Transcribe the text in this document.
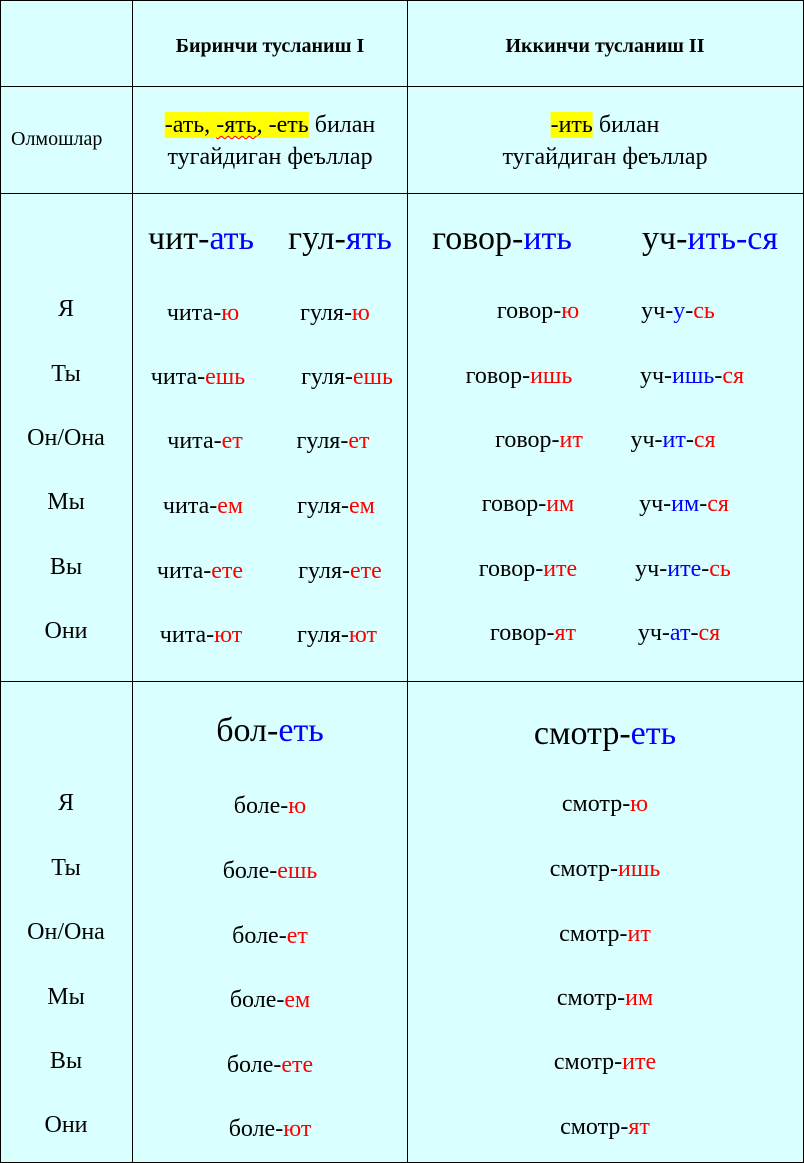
Биринчи тусланиш I	Иккинчи тусланиш II
Олмошлар
-ать, -ять, -еть билан
тугайдиган феъллар
-ить билан
тугайдиган феъллар
чит-ать гул-ять говор-ить уч-ить-ся
Я
Ты
Он/Она
Мы
Вы
Они
чита-ю
чита-ешь
чита-ет
чита-ем
чита-ете
чита-ют
гуля-ю
гуля-ешь
гуля-ет
гуля-ем
гуля-ете
гуля-ют
говор-ю
говор-ишь
говор-ит
говор-им
говор-ите
говор-ят
уч-у-сь
уч-ишь-ся
уч-ит-ся
уч-им-ся
уч-ите-сь
уч-ат-ся
бол-еть	смотр-еть
Я
Ты
Он/Она
Мы
Вы
Они
боле-ю
боле-ешь
боле-ет
боле-ем
боле-ете
боле-ют
смотр-ю
смотр-ишь
смотр-ит
смотр-им
смотр-ите
смотр-ят
